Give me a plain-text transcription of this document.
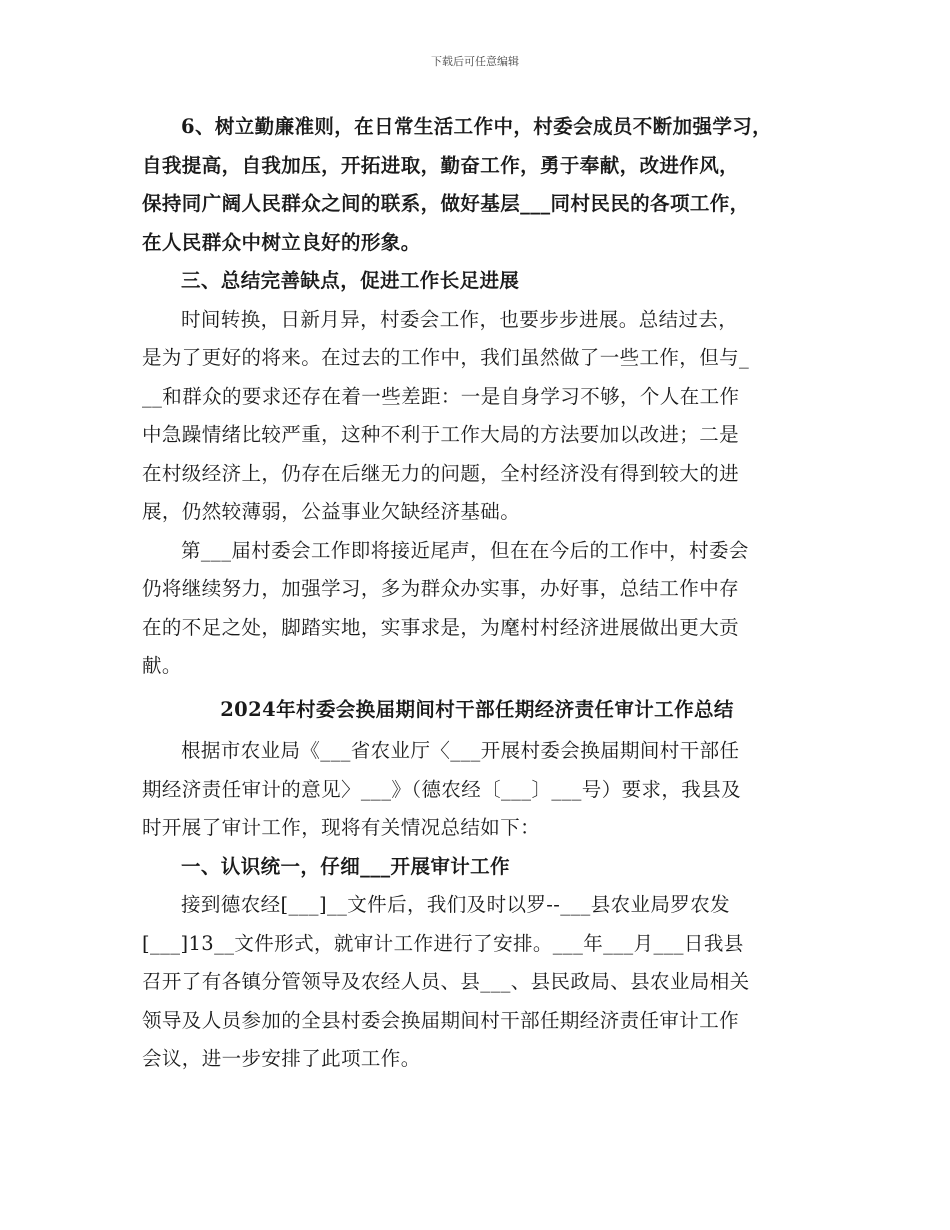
下载后可任意编辑
6、树立勤廉准则，在日常生活工作中，村委会成员不断加强学习，
自我提高，自我加压，开拓进取，勤奋工作，勇于奉献，改进作风，
保持同广阔人民群众之间的联系，做好基层___同村民民的各项工作，
在人民群众中树立良好的形象。
三、总结完善缺点，促进工作长足进展
时间转换，日新月异，村委会工作，也要步步进展。总结过去，
是为了更好的将来。在过去的工作中，我们虽然做了一些工作，但与_
__和群众的要求还存在着一些差距：一是自身学习不够，个人在工作
中急躁情绪比较严重，这种不利于工作大局的方法要加以改进；二是
在村级经济上，仍存在后继无力的问题，全村经济没有得到较大的进
展，仍然较薄弱，公益事业欠缺经济基础。
第___届村委会工作即将接近尾声，但在在今后的工作中，村委会
仍将继续努力，加强学习，多为群众办实事，办好事，总结工作中存
在的不足之处，脚踏实地，实事求是，为麾村村经济进展做出更大贡
献。
2024年村委会换届期间村干部任期经济责任审计工作总结
根据市农业局《___省农业厅〈___开展村委会换届期间村干部任
期经济责任审计的意见〉___》（德农经〔___〕___号）要求，我县及
时开展了审计工作，现将有关情况总结如下：
一、认识统一，仔细___开展审计工作
接到德农经[___]__文件后，我们及时以罗--___县农业局罗农发
[___]13__文件形式，就审计工作进行了安排。___年___月___日我县
召开了有各镇分管领导及农经人员、县___、县民政局、县农业局相关
领导及人员参加的全县村委会换届期间村干部任期经济责任审计工作
会议，进一步安排了此项工作。
